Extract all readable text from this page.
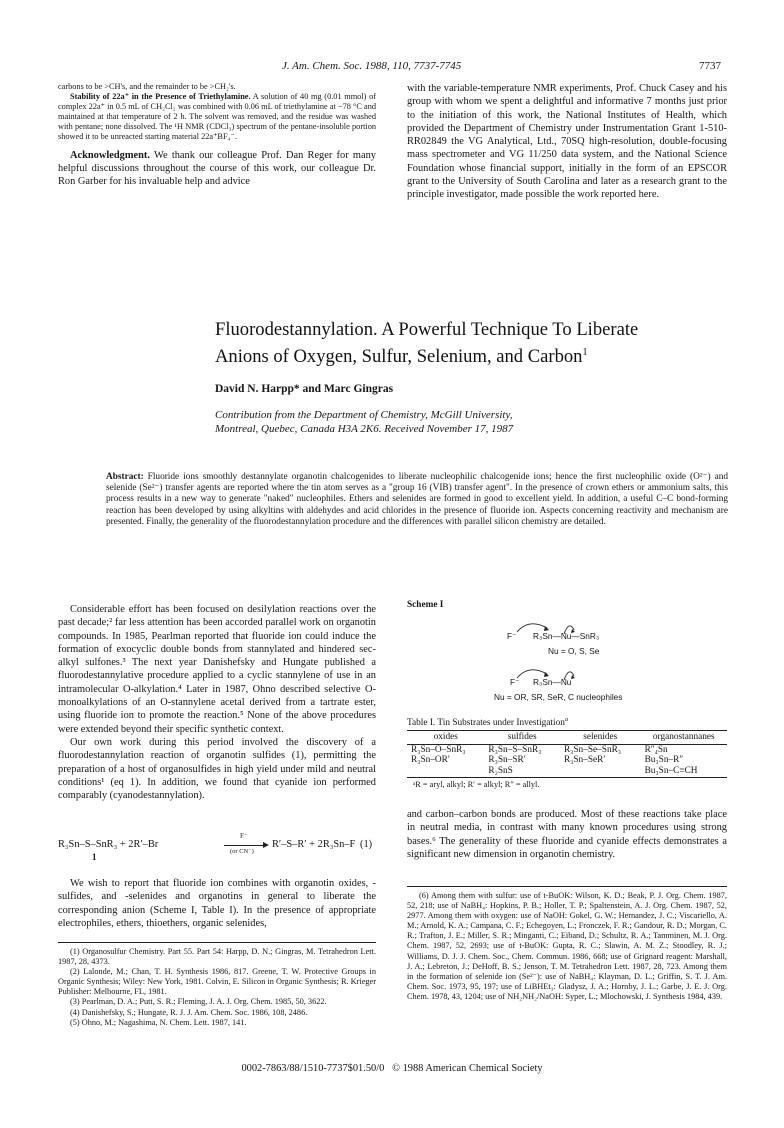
J. Am. Chem. Soc. 1988, 110, 7737-7745	7737

carbons to be >CH's, and the remainder to be >CH₂'s.

Stability of 22a⁺ in the Presence of Triethylamine. A solution of 40 mg (0.01 mmol) of complex 22a⁺ in 0.5 mL of CH₂Cl₂ was combined with 0.06 mL of triethylamine at −78 °C and maintained at that temperature of 2 h. The solvent was removed, and the residue was washed with pentane; none dissolved. The ¹H NMR (CDCl₃) spectrum of the pentane-insoluble portion showed it to be unreacted starting material 22a⁺BF₄⁻.

Acknowledgment. We thank our colleague Prof. Dan Reger for many helpful discussions throughout the course of this work, our colleague Dr. Ron Garber for his invaluable help and advice

with the variable-temperature NMR experiments, Prof. Chuck Casey and his group with whom we spent a delightful and informative 7 months just prior to the initiation of this work, the National Institutes of Health, which provided the Department of Chemistry under Instrumentation Grant 1-510-RR02849 the VG Analytical, Ltd., 70SQ high-resolution, double-focusing mass spectrometer and VG 11/250 data system, and the National Science Foundation whose financial support, initially in the form of an EPSCOR grant to the University of South Carolina and later as a research grant to the principle investigator, made possible the work reported here.

Fluorodestannylation. A Powerful Technique To Liberate
Anions of Oxygen, Sulfur, Selenium, and Carbon$^1$
David N. Harpp* and Marc Gingras
Contribution from the Department of Chemistry, McGill University,
Montreal, Quebec, Canada H3A 2K6. Received November 17, 1987
Abstract: Fluoride ions smoothly destannylate organotin chalcogenides to liberate nucleophilic chalcogenide ions; hence the first nucleophilic oxide (O²⁻) and selenide (Se²⁻) transfer agents are reported where the tin atom serves as a "group 16 (VIB) transfer agent". In the presence of crown ethers or ammonium salts, this process results in a new way to generate "naked" nucleophiles. Ethers and selenides are formed in good to excellent yield. In addition, a useful C–C bond-forming reaction has been developed by using alkyltins with aldehydes and acid chlorides in the presence of fluoride ion. Aspects concerning reactivity and mechanism are presented. Finally, the generality of the fluorodestannylation procedure and the differences with parallel silicon chemistry are detailed.

Considerable effort has been focused on desilylation reactions over the past decade;² far less attention has been accorded parallel work on organotin compounds. In 1985, Pearlman reported that fluoride ion could induce the formation of exocyclic double bonds from stannylated and hindered sec-alkyl sulfones.³ The next year Danishefsky and Hungate published a fluorodestannylative procedure applied to a cyclic stannylene of use in an intramolecular O-alkylation.⁴ Later in 1987, Ohno described selective O-monoalkylations of an O-stannylene acetal derived from a tartrate ester, using fluoride ion to promote the reaction.⁵ None of the above procedures were extended beyond their specific synthetic context.

Our own work during this period involved the discovery of a fluorodestannylation reaction of organotin sulfides (1), permitting the preparation of a host of organosulfides in high yield under mild and neutral conditions¹ (eq 1). In addition, we found that cyanide ion performed comparably (cyanodestannylation).

R₃Sn–S–SnR₃ + 2R′–Br
1
F⁻
(or CN⁻)
R′–S–R′ + 2R₃Sn–F (1)

We wish to report that fluoride ion combines with organotin oxides, -sulfides, and -selenides and organotins in general to liberate the corresponding anion (Scheme I, Table I). In the presence of appropriate electrophiles, ethers, thioethers, organic selenides,

(1) Organosulfur Chemistry. Part 55. Part 54: Harpp, D. N.; Gingras, M. Tetrahedron Lett. 1987, 28, 4373.

(2) Lalonde, M.; Chan, T. H. Synthesis 1986, 817. Greene, T. W. Protective Groups in Organic Synthesis; Wiley: New York, 1981. Colvin, E. Silicon in Organic Synthesis; R. Krieger Publisher: Melbourne, FL, 1981.

(3) Pearlman, D. A.; Putt, S. R.; Fleming, J. A. J. Org. Chem. 1985, 50, 3622.

(4) Danishefsky, S.; Hungate, R. J. J. Am. Chem. Soc. 1986, 108, 2486.

(5) Ohno, M.; Nagashima, N. Chem. Lett. 1987, 141.

Scheme I
F⁻ R₃Sn—Nu—SnR₃
Nu = O, S, Se
F⁻ R₃Sn—Nu
Nu = OR, SR, SeR, C nucleophiles
Table I. Tin Substrates under Investigation$^a$
oxides	sulfides	selenides	organostannanes

R₃Sn–O–SnR₃	R₃Sn–S–SnR₃	R₃Sn–Se–SnR₃	R″₄Sn
R₃Sn–OR′	R₃Sn–SR′	R₃Sn–SeR′	Bu₃Sn–R″
	R₂SnS		Bu₃Sn–C≡CH
ᵃR = aryl, alkyl; R′ = alkyl; R″ = allyl.

and carbon–carbon bonds are produced. Most of these reactions take place in neutral media, in contrast with many known procedures using strong bases.⁶ The generality of these fluoride and cyanide effects demonstrates a significant new dimension in organotin chemistry.

(6) Among them with sulfur: use of t-BuOK: Wilson, K. D.; Beak, P. J. Org. Chem. 1987, 52, 218; use of NaBH₄: Hopkins, P. B.; Holler, T. P.; Spaltenstein, A. J. Org. Chem. 1987, 52, 2977. Among them with oxygen: use of NaOH: Gokel, G. W.; Hernandez, J. C.; Viscariello, A. M.; Arnold, K. A.; Campana, C. F.; Echegoyen, L.; Fronczek, F. R.; Gandour, R. D.; Morgan, C. R.; Trafton, J. E.; Miller, S. R.; Minganti, C.; Eiband, D.; Schultz, R. A.; Tamminen, M. J. Org. Chem. 1987, 52, 2693; use of t-BuOK: Gupta, R. C.; Slawin, A. M. Z.; Stoodley, R. J.; Williams, D. J. J. Chem. Soc., Chem. Commun. 1986, 668; use of Grignard reagent: Marshall, J. A.; Lebreton, J.; DeHoff, B. S.; Jenson, T. M. Tetrahedron Lett. 1987, 28, 723. Among them in the formation of selenide ion (Se²⁻): use of NaBH₄: Klayman, D. L.; Griffin, S. T. J. Am. Chem. Soc. 1973, 95, 197; use of LiBHEt₃: Gladysz, J. A.; Hornby, J. L.; Garbe, J. E. J. Org. Chem. 1978, 43, 1204; use of NH₂NH₂/NaOH: Syper, L.; Mlochowski, J. Synthesis 1984, 439.

0002-7863/88/1510-7737$01.50/0   © 1988 American Chemical Society
